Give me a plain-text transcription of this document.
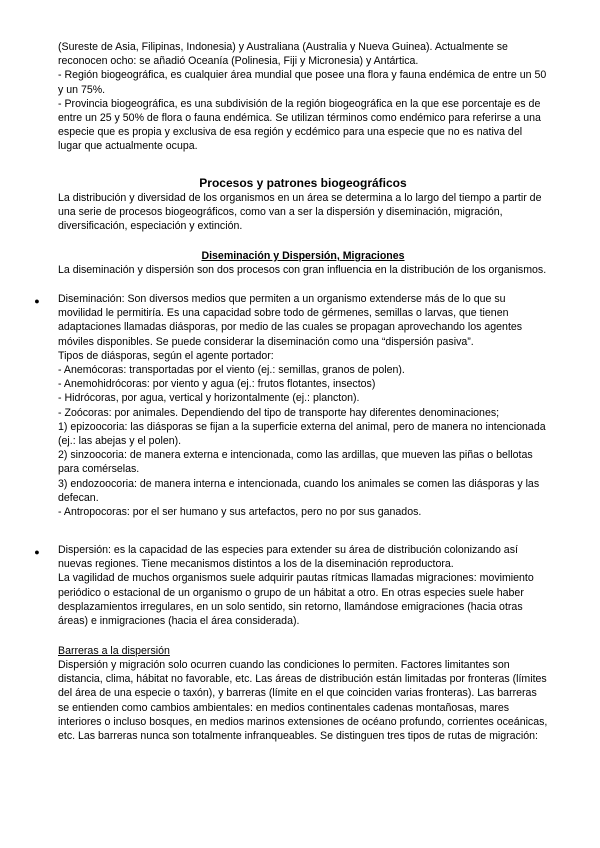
(Sureste de Asia, Filipinas, Indonesia) y Australiana (Australia y Nueva Guinea). Actualmente se reconocen ocho: se añadió Oceanía (Polinesia, Fiji y Micronesia) y Antártica.
- Región biogeográfica, es cualquier área mundial que posee una flora y fauna endémica de entre un 50 y un 75%.
- Provincia biogeográfica, es una subdivisión de la región biogeográfica en la que ese porcentaje es de entre un 25 y 50% de flora o fauna endémica. Se utilizan términos como endémico para referirse a una especie que es propia y exclusiva de esa región y ecdémico para una especie que no es nativa del lugar que actualmente ocupa.
Procesos y patrones biogeográficos
La distribución y diversidad de los organismos en un área se determina a lo largo del tiempo a partir de una serie de procesos biogeográficos, como van a ser la dispersión y diseminación, migración, diversificación, especiación y extinción.
Diseminación y Dispersión, Migraciones
La diseminación y dispersión son dos procesos con gran influencia en la distribución de los organismos.
● Diseminación: Son diversos medios que permiten a un organismo extenderse más de lo que su movilidad le permitiría. Es una capacidad sobre todo de gérmenes, semillas o larvas, que tienen adaptaciones llamadas diásporas, por medio de las cuales se propagan aprovechando los agentes móviles disponibles. Se puede considerar la diseminación como una “dispersión pasiva”.
Tipos de diásporas, según el agente portador:
- Anemócoras: transportadas por el viento (ej.: semillas, granos de polen).
- Anemohidrócoras: por viento y agua (ej.: frutos flotantes, insectos)
- Hidrócoras, por agua, vertical y horizontalmente (ej.: plancton).
- Zoócoras: por animales. Dependiendo del tipo de transporte hay diferentes denominaciones;
1) epizoocoria: las diásporas se fijan a la superficie externa del animal, pero de manera no intencionada (ej.: las abejas y el polen).
2) sinzoocoria: de manera externa e intencionada, como las ardillas, que mueven las piñas o bellotas para comérselas.
3) endozoocoria: de manera interna e intencionada, cuando los animales se comen las diásporas y las defecan.
- Antropocoras: por el ser humano y sus artefactos, pero no por sus ganados.
● Dispersión: es la capacidad de las especies para extender su área de distribución colonizando así nuevas regiones. Tiene mecanismos distintos a los de la diseminación reproductora.
La vagilidad de muchos organismos suele adquirir pautas rítmicas llamadas migraciones: movimiento periódico o estacional de un organismo o grupo de un hábitat a otro. En otras especies suele haber desplazamientos irregulares, en un solo sentido, sin retorno, llamándose emigraciones (hacia otras áreas) e inmigraciones (hacia el área considerada).
Barreras a la dispersión
Dispersión y migración solo ocurren cuando las condiciones lo permiten. Factores limitantes son distancia, clima, hábitat no favorable, etc. Las áreas de distribución están limitadas por fronteras (límites del área de una especie o taxón), y barreras (límite en el que coinciden varias fronteras). Las barreras se entienden como cambios ambientales: en medios continentales cadenas montañosas, mares interiores o incluso bosques, en medios marinos extensiones de océano profundo, corrientes oceánicas, etc. Las barreras nunca son totalmente infranqueables. Se distinguen tres tipos de rutas de migración:
